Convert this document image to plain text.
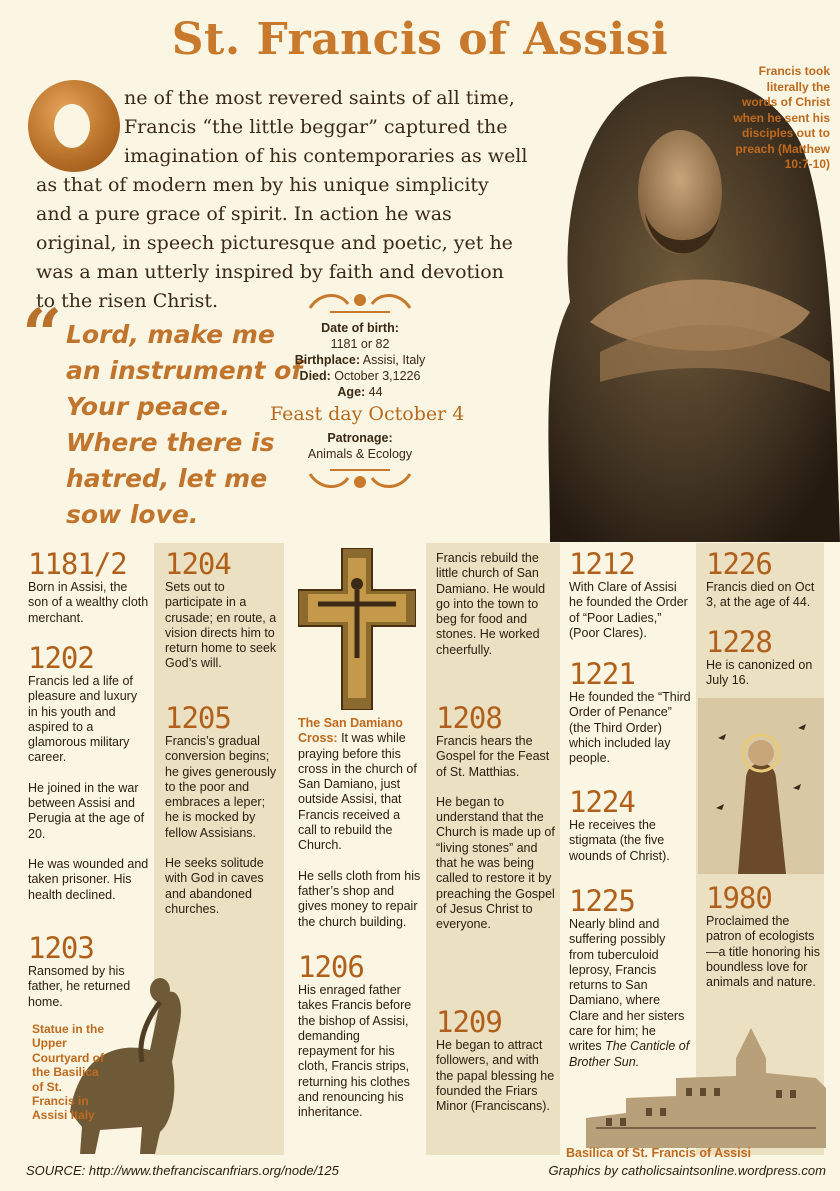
St. Francis of Assisi
Francis took literally the words of Christ when he sent his disciples out to preach (Matthew 10:7-10)
ne of the most revered saints of all time,
Francis “the little beggar” captured the
imagination of his contemporaries as well
as that of modern men by his unique simplicity
and a pure grace of spirit. In action he was
original, in speech picturesque and poetic, yet he
was a man utterly inspired by faith and devotion
to the risen Christ.
“ Lord, make me
an instrument of
Your peace.
Where there is
hatred, let me
sow love.
Date of birth:
1181 or 82
Birthplace: Assisi, Italy
Died: October 3,1226
Age: 44
Feast day October 4
Patronage:
Animals & Ecology
1181/2
Born in Assisi, the son of a wealthy cloth merchant.
1202
Francis led a life of pleasure and luxury in his youth and aspired to a glamorous military career.
He joined in the war between Assisi and Perugia at the age of 20.
He was wounded and taken prisoner. His health declined.
1203
Ransomed by his father, he returned home.
Statue in the Upper Courtyard of the Basilica of St. Francis in Assisi Italy
1204
Sets out to participate in a crusade; en route, a vision directs him to return home to seek God’s will.
1205
Francis’s gradual conversion begins; he gives generously to the poor and embraces a leper; he is mocked by fellow Assisians.
He seeks solitude with God in caves and abandoned churches.
The San Damiano Cross: It was while praying before this cross in the church of San Damiano, just outside Assisi, that Francis received a call to rebuild the Church.
He sells cloth from his father’s shop and gives money to repair the church building.
1206
His enraged father takes Francis before the bishop of Assisi, demanding repayment for his cloth, Francis strips, returning his clothes and renouncing his inheritance.
Francis rebuild the little church of San Damiano. He would go into the town to beg for food and stones. He worked cheerfully.
1208
Francis hears the Gospel for the Feast of St. Matthias.
He began to understand that the Church is made up of “living stones” and that he was being called to restore it by preaching the Gospel of Jesus Christ to everyone.
1209
He began to attract followers, and with the papal blessing he founded the Friars Minor (Franciscans).
1212
With Clare of Assisi he founded the Order of “Poor Ladies,” (Poor Clares).
1221
He founded the “Third Order of Penance” (the Third Order) which included lay people.
1224
He receives the stigmata (the five wounds of Christ).
1225
Nearly blind and suffering possibly from tuberculoid leprosy, Francis returns to San Damiano, where Clare and her sisters care for him; he writes The Canticle of Brother Sun.
1226
Francis died on Oct 3, at the age of 44.
1228
He is canonized on July 16.
1980
Proclaimed the patron of ecologists—a title honoring his boundless love for animals and nature.
Basilica of St. Francis of Assisi
SOURCE: http://www.thefranciscanfriars.org/node/125	Graphics by catholicsaintsonline.wordpress.com
